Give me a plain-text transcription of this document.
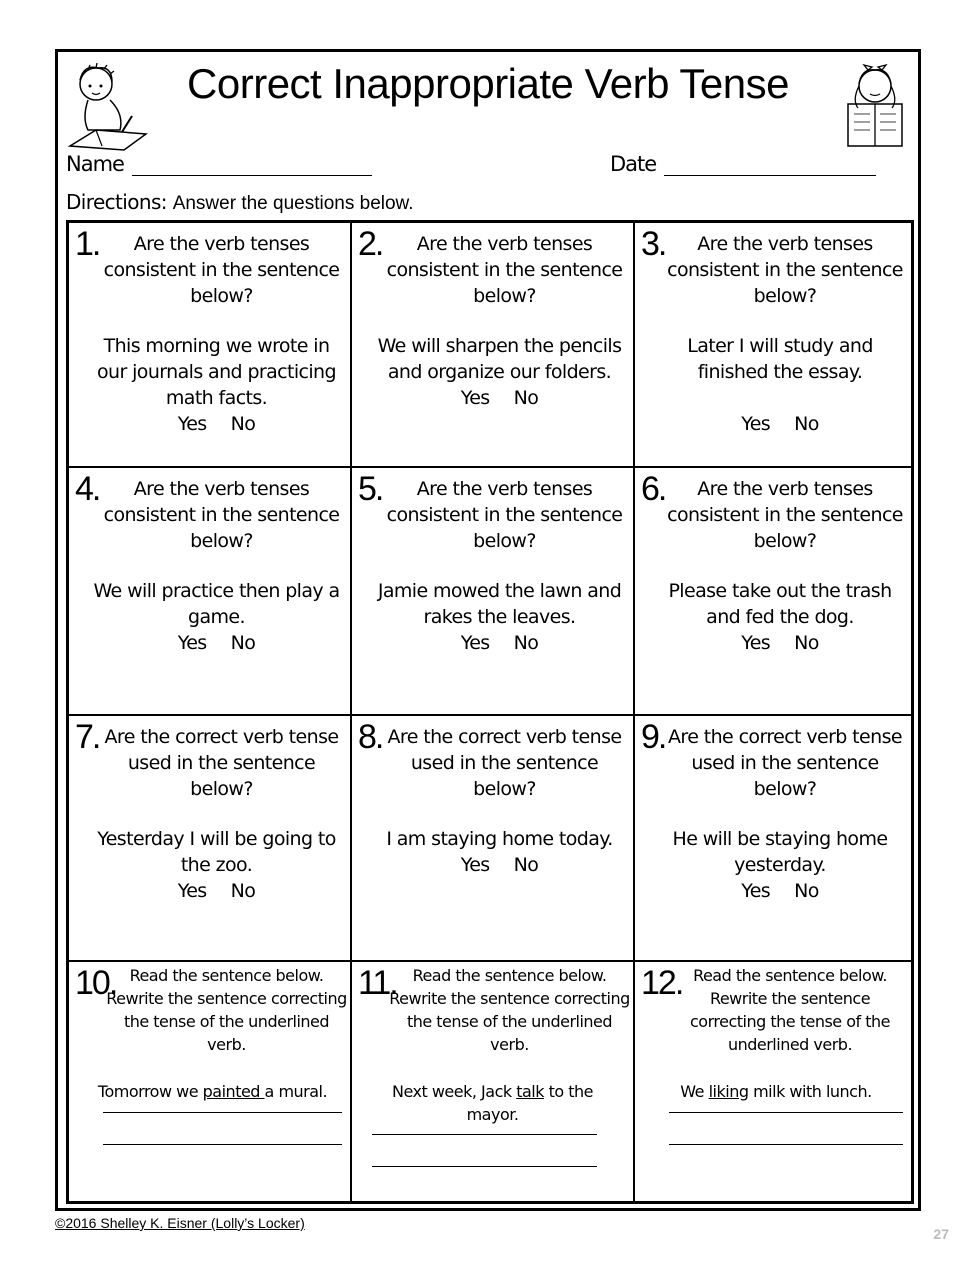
Correct Inappropriate Verb Tense
Name	Date
Directions: Answer the questions below.
1.	Are the verb tenses consistent in the sentence below?
This morning we wrote in our journals and practicing math facts.
Yes No
2.	Are the verb tenses consistent in the sentence below?
We will sharpen the pencils and organize our folders.
Yes No
3.	Are the verb tenses consistent in the sentence below?
Later I will study and finished the essay.
Yes No
4.	Are the verb tenses consistent in the sentence below?
We will practice then play a game.
Yes No
5.	Are the verb tenses consistent in the sentence below?
Jamie mowed the lawn and rakes the leaves.
Yes No
6.	Are the verb tenses consistent in the sentence below?
Please take out the trash and fed the dog.
Yes No
7. Are the correct verb tense used in the sentence below?
Yesterday I will be going to the zoo.
Yes No
8. Are the correct verb tense used in the sentence below?
I am staying home today.
Yes No
9. Are the correct verb tense used in the sentence below?
He will be staying home yesterday.
Yes No
10. Read the sentence below. Rewrite the sentence correcting the tense of the underlined verb.
Tomorrow we painted a mural.
11. Read the sentence below. Rewrite the sentence correcting the tense of the underlined verb.
Next week, Jack talk to the mayor.
12. Read the sentence below. Rewrite the sentence correcting the tense of the underlined verb.
We liking milk with lunch.
©2016 Shelley K. Eisner (Lolly’s Locker)
27
